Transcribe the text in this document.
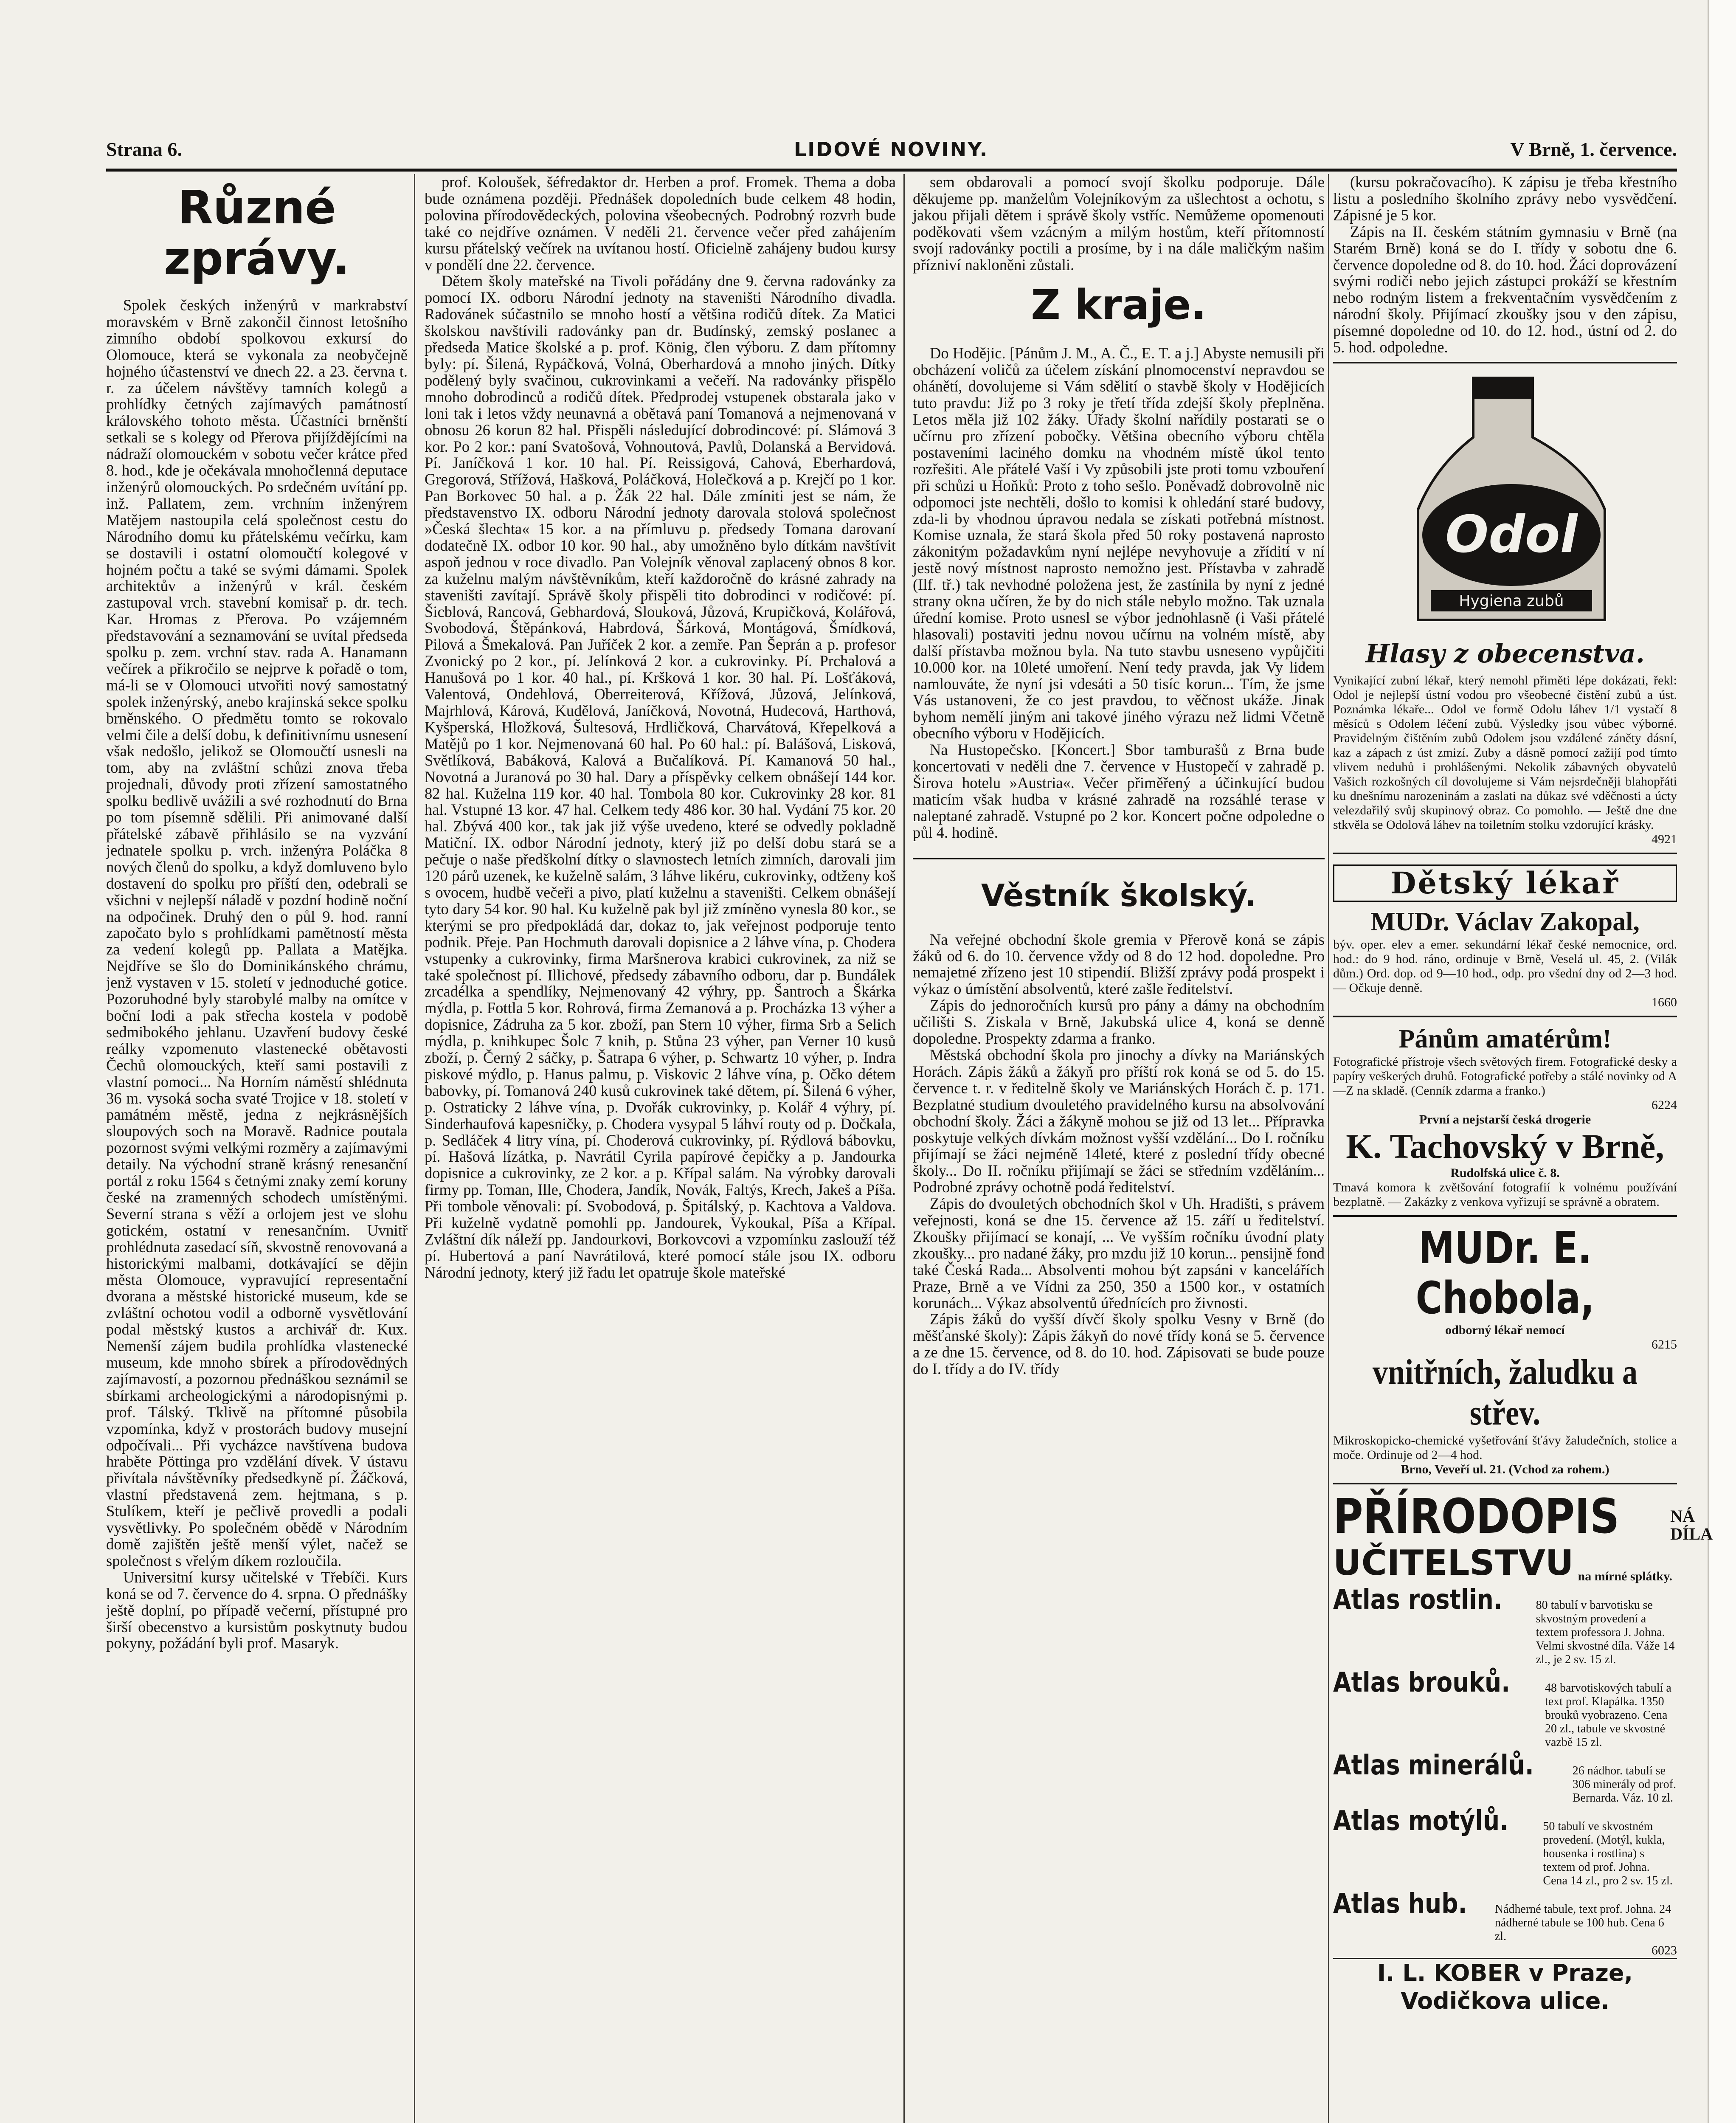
Strana 6.	LIDOVÉ NOVINY.	V Brně, 1. července.
Různé zprávy.

Spolek českých inženýrů v markrabství moravském v Brně zakončil činnost letošního zimního období spolkovou exkursí do Olomouce, která se vykonala za neobyčejně hojného účastenství ve dnech 22. a 23. června t. r. za účelem návštěvy tamních kolegů a prohlídky četných zajímavých památností královského tohoto města. Účastníci brněnští setkali se s kolegy od Přerova přijíždějícími na nádraží olomouckém v sobotu večer krátce před 8. hod., kde je očekávala mnohočlenná deputace inženýrů olomouckých. Po srdečném uvítání pp. inž. Pallatem, zem. vrchním inženýrem Matějem nastoupila celá společnost cestu do Národního domu ku přátelskému večírku, kam se dostavili i ostatní olomoučtí kolegové v hojném počtu a také se svými dámami. Spolek architektův a inženýrů v král. českém zastupoval vrch. stavební komisař p. dr. tech. Kar. Hromas z Přerova. Po vzájemném představování a seznamování se uvítal předseda spolku p. zem. vrchní stav. rada A. Hanamann večírek a přikročilo se nejprve k pořadě o tom, má-li se v Olomouci utvořiti nový samostatný spolek inženýrský, anebo krajinská sekce spolku brněnského. O předmětu tomto se rokovalo velmi čile a delší dobu, k definitivnímu usnesení však nedošlo, jelikož se Olomoučtí usnesli na tom, aby na zvláštní schůzi znova třeba projednali, důvody proti zřízení samostatného spolku bedlivě uvážili a své rozhodnutí do Brna po tom písemně sdělili. Při animované další přátelské zábavě přihlásilo se na vyzvání jednatele spolku p. vrch. inženýra Poláčka 8 nových členů do spolku, a když domluveno bylo dostavení do spolku pro příští den, odebrali se všichni v nejlepší náladě v pozdní hodině noční na odpočinek. Druhý den o půl 9. hod. ranní započato bylo s prohlídkami pamětností města za vedení kolegů pp. Pallata a Matějka. Nejdříve se šlo do Dominikánského chrámu, jenž vystaven v 15. století v jednoduché gotice. Pozoruhodné byly starobylé malby na omítce v boční lodi a pak střecha kostela v podobě sedmibokého jehlanu. Uzavření budovy české reálky vzpomenuto vlastenecké obětavosti Čechů olomouckých, kteří sami postavili z vlastní pomoci... Na Horním náměstí shlédnuta 36 m. vysoká socha svaté Trojice v 18. století v památném městě, jedna z nejkrásnějších sloupových soch na Moravě. Radnice poutala pozornost svými velkými rozměry a zajímavými detaily. Na východní straně krásný renesanční portál z roku 1564 s četnými znaky zemí koruny české na zramenných schodech umístěnými. Severní strana s věží a orlojem jest ve slohu gotickém, ostatní v renesančním. Uvnitř prohlédnuta zasedací síň, skvostně renovovaná a historickými malbami, dotkávající se dějin města Olomouce, vypravující representační dvorana a městské historické museum, kde se zvláštní ochotou vodil a odborně vysvětlování podal městský kustos a archivář dr. Kux. Nemenší zájem budila prohlídka vlastenecké museum, kde mnoho sbírek a přírodovědných zajímavostí, a pozornou přednáškou seznámil se sbírkami archeologickými a národopisnými p. prof. Tálský. Tklivě na přítomné působila vzpomínka, když v prostorách budovy musejní odpočívali... Při vycházce navštívena budova hraběte Pöttinga pro vzdělání dívek. V ústavu přivítala návštěvníky předsedkyně pí. Žáčková, vlastní představená zem. hejtmana, s p. Stulíkem, kteří je pečlivě provedli a podali vysvětlivky. Po společném obědě v Národním domě zajištěn ještě menší výlet, načež se společnost s vřelým díkem rozloučila.

Universitní kursy učitelské v Třebíči. Kurs koná se od 7. července do 4. srpna. O přednášky ještě doplní, po případě večerní, přístupné pro širší obecenstvo a kursistům poskytnuty budou pokyny, požádání byli prof. Masaryk.

prof. Koloušek, šéfredaktor dr. Herben a prof. Fromek. Thema a doba bude oznámena později. Přednášek dopoledních bude celkem 48 hodin, polovina přírodovědeckých, polovina všeobecných. Podrobný rozvrh bude také co nejdříve oznámen. V neděli 21. července večer před zahájením kursu přátelský večírek na uvítanou hostí. Oficielně zahájeny budou kursy v pondělí dne 22. července.

Dětem školy mateřské na Tivoli pořádány dne 9. června radovánky za pomocí IX. odboru Národní jednoty na staveništi Národního divadla. Radovánek súčastnilo se mnoho hostí a většina rodičů dítek. Za Matici školskou navštívili radovánky pan dr. Budínský, zemský poslanec a předseda Matice školské a p. prof. König, člen výboru. Z dam přítomny byly: pí. Šilená, Rypáčková, Volná, Oberhardová a mnoho jiných. Dítky podělený byly svačinou, cukrovinkami a večeří. Na radovánky přispělo mnoho dobrodinců a rodičů dítek. Předprodej vstupenek obstarala jako v loni tak i letos vždy neunavná a obětavá paní Tomanová a nejmenovaná v obnosu 26 korun 82 hal. Přispěli následující dobrodincové: pí. Slámová 3 kor. Po 2 kor.: paní Svatošová, Vohnoutová, Pavlů, Dolanská a Bervidová. Pí. Janíčková 1 kor. 10 hal. Pí. Reissigová, Cahová, Eberhardová, Gregorová, Střížová, Hašková, Poláčková, Holečková a p. Krejčí po 1 kor. Pan Borkovec 50 hal. a p. Žák 22 hal. Dále zmíniti jest se nám, že představenstvo IX. odboru Národní jednoty darovala stolová společnost »Česká šlechta« 15 kor. a na přímluvu p. předsedy Tomana darovaní dodatečně IX. odbor 10 kor. 90 hal., aby umožněno bylo dítkám navštívit aspoň jednou v roce divadlo. Pan Volejník věnoval zaplacený obnos 8 kor. za kuželnu malým návštěvníkům, kteří každoročně do krásné zahrady na staveništi zavítají. Správě školy přispěli tito dobrodinci v rodičové: pí. Šicblová, Rancová, Gebhardová, Slouková, Jůzová, Krupičková, Kolářová, Svobodová, Štěpánková, Habrdová, Šárková, Montágová, Šmídková, Pilová a Šmekalová. Pan Juříček 2 kor. a zemře. Pan Šeprán a p. profesor Zvonický po 2 kor., pí. Jelínková 2 kor. a cukrovinky. Pí. Prchalová a Hanušová po 1 kor. 40 hal., pí. Kršková 1 kor. 30 hal. Pí. Lošťáková, Valentová, Ondehlová, Oberreiterová, Křížová, Jůzová, Jelínková, Majrhlová, Kárová, Kudělová, Janíčková, Novotná, Hudecová, Harthová, Kyšperská, Hložková, Šultesová, Hrdličková, Charvátová, Křepelková a Matějů po 1 kor. Nejmenovaná 60 hal. Po 60 hal.: pí. Balášová, Lisková, Světlíková, Babáková, Kalová a Bučalíková. Pí. Kamanová 50 hal., Novotná a Juranová po 30 hal. Dary a příspěvky celkem obnášejí 144 kor. 82 hal. Kuželna 119 kor. 40 hal. Tombola 80 kor. Cukrovinky 28 kor. 81 hal. Vstupné 13 kor. 47 hal. Celkem tedy 486 kor. 30 hal. Vydání 75 kor. 20 hal. Zbývá 400 kor., tak jak již výše uvedeno, které se odvedly pokladně Matiční. IX. odbor Národní jednoty, který již po delší dobu stará se a pečuje o naše předškolní dítky o slavnostech letních zimních, darovali jim 120 párů uzenek, ke kuželně salám, 3 láhve likéru, cukrovinky, odtženy koš s ovocem, hudbě večeři a pivo, platí kuželnu a staveništi. Celkem obnášejí tyto dary 54 kor. 90 hal. Ku kuželně pak byl již zmíněno vynesla 80 kor., se kterými se pro předpokládá dar, dokaz to, jak veřejnost podporuje tento podnik. Přeje. Pan Hochmuth darovali dopisnice a 2 láhve vína, p. Chodera vstupenky a cukrovinky, firma Maršnerova krabici cukrovinek, za niž se také společnost pí. Illichové, předsedy zábavního odboru, dar p. Bundálek zrcadélka a spendlíky, Nejmenovaný 42 výhry, pp. Šantroch a Škárka mýdla, p. Fottla 5 kor. Rohrová, firma Zemanová a p. Procházka 13 výher a dopisnice, Zádruha za 5 kor. zboží, pan Stern 10 výher, firma Srb a Selich mýdla, p. knihkupec Šolc 7 knih, p. Stůna 23 výher, pan Verner 10 kusů zboží, p. Černý 2 sáčky, p. Šatrapa 6 výher, p. Schwartz 10 výher, p. Indra piskové mýdlo, p. Hanus palmu, p. Viskovic 2 láhve vína, p. Očko détem babovky, pí. Tomanová 240 kusů cukrovinek také dětem, pí. Šilená 6 výher, p. Ostraticky 2 láhve vína, p. Dvořák cukrovinky, p. Kolář 4 výhry, pí. Sinderhaufová kapesničky, p. Chodera vysypal 5 láhví routy od p. Dočkala, p. Sedláček 4 litry vína, pí. Choderová cukrovinky, pí. Rýdlová bábovku, pí. Hašová lízátka, p. Navrátil Cyrila papírové čepičky a p. Jandourka dopisnice a cukrovinky, ze 2 kor. a p. Křípal salám. Na výrobky darovali firmy pp. Toman, Ille, Chodera, Jandík, Novák, Faltýs, Krech, Jakeš a Píša. Při tombole věnovali: pí. Svobodová, p. Špitálský, p. Kachtova a Valdova. Při kuželně vydatně pomohli pp. Jandourek, Vykoukal, Píša a Křípal. Zvláštní dík náleží pp. Jandourkovi, Borkovcovi a vzpomínku zaslouží též pí. Hubertová a paní Navrátilová, které pomocí stále jsou IX. odboru Národní jednoty, který již řadu let opatruje škole mateřské

sem obdarovali a pomocí svojí školku podporuje. Dále děkujeme pp. manželům Volejníkovým za ušlechtost a ochotu, s jakou přijali dětem i správě školy vstříc. Nemůžeme opomenouti poděkovati všem vzácným a milým hostům, kteří přítomností svojí radovánky poctili a prosíme, by i na dále maličkým našim přízniví nakloněni zůstali.

Z kraje.

Do Hodějic. [Pánům J. M., A. Č., E. T. a j.] Abyste nemusili při obcházení voličů za účelem získání plnomocenství nepravdou se ohánětí, dovolujeme si Vám sdělití o stavbě školy v Hodějicích tuto pravdu: Již po 3 roky je třetí třída zdejší školy přeplněna. Letos měla již 102 žáky. Úřady školní nařídily postarati se o učírnu pro zřízení pobočky. Většina obecního výboru chtěla postaveními laciného domku na vhodném místě úkol tento rozřešiti. Ale přátelé Vaší i Vy způsobili jste proti tomu vzbouření při schůzi u Hoňků: Proto z toho sešlo. Poněvadž dobrovolně nic odpomoci jste nechtěli, došlo to komisi k ohledání staré budovy, zda-li by vhodnou úpravou nedala se získati potřebná místnost. Komise uznala, že stará škola před 50 roky postavená naprosto zákonitým požadavkům nyní nejlépe nevyhovuje a zřídití v ní jestě nový místnost naprosto nemožno jest. Přístavba v zahradě (Ilf. tř.) tak nevhodné položena jest, že zastínila by nyní z jedné strany okna učíren, že by do nich stále nebylo možno. Tak uznala úřední komise. Proto usnesl se výbor jednohlasně (i Vaši přátelé hlasovali) postaviti jednu novou učírnu na volném místě, aby další přístavba možnou byla. Na tuto stavbu usneseno vypůjčiti 10.000 kor. na 10leté umoření. Není tedy pravda, jak Vy lidem namlouváte, že nyní jsi vdesáti a 50 tisíc korun... Tím, že jsme Vás ustanoveni, že co jest pravdou, to věčnost ukáže. Jinak byhom nemělí jiným ani takové jiného výrazu než lidmi Včetně obecního výboru v Hodějicích.

Na Hustopečsko. [Koncert.] Sbor tamburašů z Brna bude koncertovati v neděli dne 7. července v Hustopečí v zahradě p. Širova hotelu »Austria«. Večer přiměřený a účinkující budou maticím však hudba v krásné zahradě na rozsáhlé terase v naleptané zahradě. Vstupné po 2 kor. Koncert počne odpoledne o půl 4. hodině.

Věstník školský.

Na veřejné obchodní škole gremia v Přerově koná se zápis žáků od 6. do 10. července vždy od 8 do 12 hod. dopoledne. Pro nemajetné zřízeno jest 10 stipendií. Bližší zprávy podá prospekt i výkaz o úmístění absolventů, které zašle ředitelství.

Zápis do jednoročních kursů pro pány a dámy na obchodním učilišti S. Ziskala v Brně, Jakubská ulice 4, koná se denně dopoledne. Prospekty zdarma a franko.

Městská obchodní škola pro jinochy a dívky na Mariánských Horách. Zápis žáků a žákyň pro příští rok koná se od 5. do 15. července t. r. v ředitelně školy ve Mariánských Horách č. p. 171. Bezplatné studium dvouletého pravidelného kursu na absolvování obchodní školy. Žáci a žákyně mohou se již od 13 let... Přípravka poskytuje velkých dívkám možnost vyšší vzdělání... Do I. ročníku přijímají se žáci nejméně 14leté, které z poslední třídy obecné školy... Do II. ročníku přijímají se žáci se středním vzděláním... Podrobné zprávy ochotně podá ředitelství.

Zápis do dvouletých obchodních škol v Uh. Hradišti, s právem veřejnosti, koná se dne 15. července až 15. září u ředitelství. Zkoušky přijímací se konají, ... Ve vyšším ročníku úvodní platy zkoušky... pro nadané žáky, pro mzdu již 10 korun... pensijně fond také Česká Rada... Absolventi mohou být zapsáni v kancelářích Praze, Brně a ve Vídni za 250, 350 a 1500 kor., v ostatních korunách... Výkaz absolventů úřednících pro živnosti.

Zápis žáků do vyšší dívčí školy spolku Vesny v Brně (do měšťanské školy): Zápis žákyň do nové třídy koná se 5. července a ze dne 15. července, od 8. do 10. hod. Zápisovati se bude pouze do I. třídy a do IV. třídy

(kursu pokračovacího). K zápisu je třeba křestního listu a posledního školního zprávy nebo vysvědčení. Zápisné je 5 kor.

Zápis na II. českém státním gymnasiu v Brně (na Starém Brně) koná se do I. třídy v sobotu dne 6. července dopoledne od 8. do 10. hod. Žáci doprovázení svými rodiči nebo jejich zástupci prokáží se křestním nebo rodným listem a frekventačním vysvědčením z národní školy. Přijímací zkoušky jsou v den zápisu, písemné dopoledne od 10. do 12. hod., ústní od 2. do 5. hod. odpoledne.

Odol
Hygiena zubů
Hlasy z obecenstva.
Vynikající zubní lékař, který nemohl přiměti lépe dokázati, řekl: Odol je nejlepší ústní vodou pro všeobecné čistění zubů a úst. Poznámka lékaře... Odol ve formě Odolu láhev 1/1 vystačí 8 měsíců s Odolem léčení zubů. Výsledky jsou vůbec výborné. Pravidelným čištěním zubů Odolem jsou vzdálené záněty dásní, kaz a zápach z úst zmizí. Zuby a dásně pomocí zažijí pod tímto vlivem neduhů i prohlášenými. Nekolik zábavných obyvatelů Vašich rozkošných cíl dovolujeme si Vám nejsrdečněji blahopřáti ku dnešnímu narozeninám a zaslati na důkaz své vděčnosti a úcty velezdařilý svůj skupinový obraz. Co pomohlo. — Ještě dne dne stkvěla se Odolová láhev na toiletním stolku vzdorující krásky.
4921
Dětský lékař
MUDr. Václav Zakopal,
býv. oper. elev a emer. sekundární lékař české nemocnice, ord. hod.: do 9 hod. ráno, ordinuje v Brně, Veselá ul. 45, 2. (Vilák dům.) Ord. dop. od 9—10 hod., odp. pro všední dny od 2—3 hod. — Očkuje denně.
1660
Pánům amatérům!
Fotografické přístroje všech světových firem. Fotografické desky a papíry veškerých druhů. Fotografické potřeby a stálé novinky od A—Z na skladě. (Cenník zdarma a franko.)
6224
První a nejstarší česká drogerie
K. Tachovský v Brně,
Rudolfská ulice č. 8.
Tmavá komora k zvětšování fotografií k volnému používání bezplatně. — Zakázky z venkova vyřizují se správně a obratem.
MUDr. E. Chobola,
odborný lékař nemocí
6215
vnitřních, žaludku a střev.
Mikroskopicko-chemické vyšetřování šťávy žaludečních, stolice a moče. Ordinuje od 2—4 hod.
Brno, Veveří ul. 21. (Vchod za rohem.)
PŘÍRODOPIS	NÁ DÍLA
UČITELSTVU na mírné splátky.
Atlas rostlin.	80 tabulí v barvotisku se skvostným provedení a textem professora J. Johna. Velmi skvostné díla. Váže 14 zl., je 2 sv. 15 zl.
Atlas brouků.	48 barvotiskových tabulí a text prof. Klapálka. 1350 brouků vyobrazeno. Cena 20 zl., tabule ve skvostné vazbě 15 zl.
Atlas minerálů.	26 nádhor. tabulí se 306 minerály od prof. Bernarda. Váz. 10 zl.
Atlas motýlů.	50 tabulí ve skvostném provedení. (Motýl, kukla, housenka i rostlina) s textem od prof. Johna. Cena 14 zl., pro 2 sv. 15 zl.
Atlas hub. Nádherné tabule, text prof. Johna. 24 nádherné tabule se 100 hub. Cena 6 zl.
6023
I. L. KOBER v Praze, Vodičkova ulice.
